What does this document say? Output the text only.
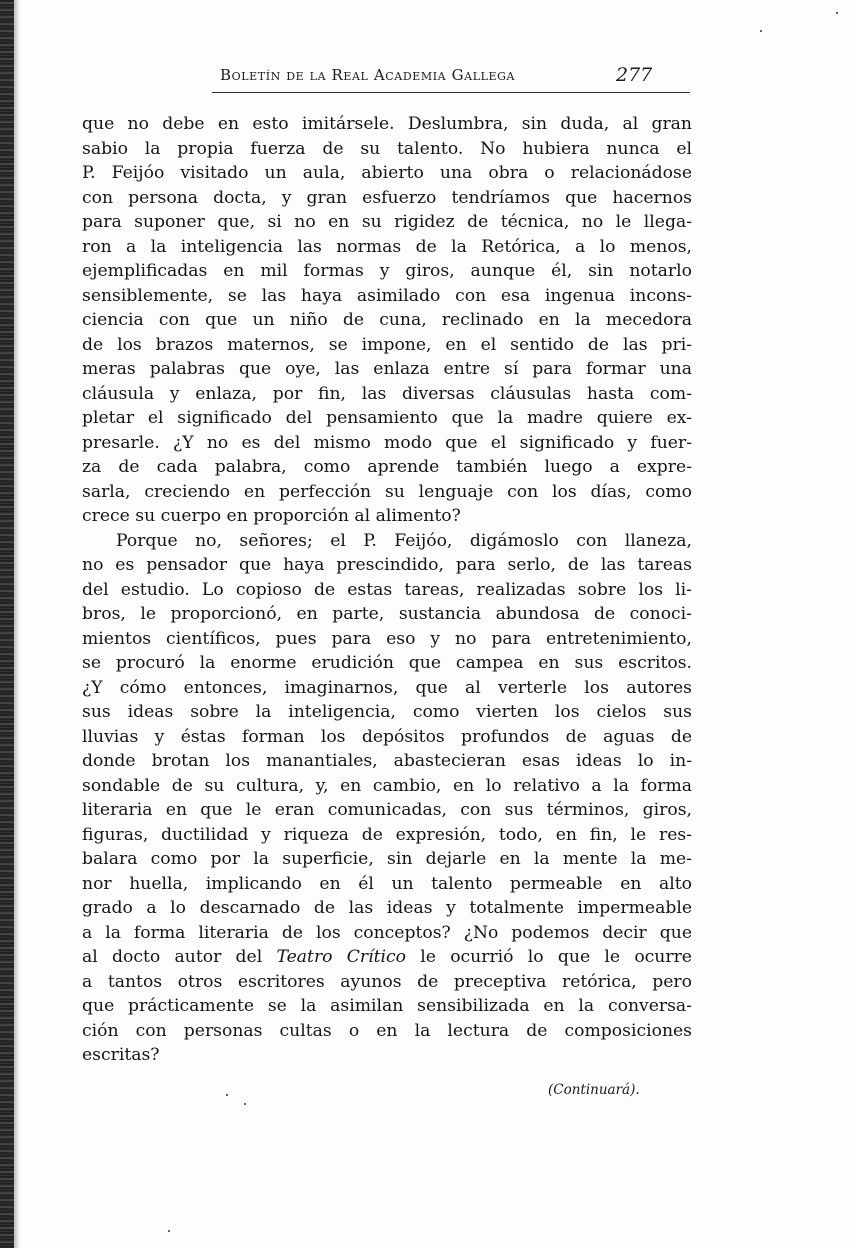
Boletín de la Real Academia Gallega	277
que no debe en esto imitársele. Deslumbra, sin duda, al gran
sabio la propia fuerza de su talento. No hubiera nunca el
P. Feijóo visitado un aula, abierto una obra o relacionádose
con persona docta, y gran esfuerzo tendríamos que hacernos
para suponer que, si no en su rigidez de técnica, no le llega-
ron a la inteligencia las normas de la Retórica, a lo menos,
ejemplificadas en mil formas y giros, aunque él, sin notarlo
sensiblemente, se las haya asimilado con esa ingenua incons-
ciencia con que un niño de cuna, reclinado en la mecedora
de los brazos maternos, se impone, en el sentido de las pri-
meras palabras que oye, las enlaza entre sí para formar una
cláusula y enlaza, por fin, las diversas cláusulas hasta com-
pletar el significado del pensamiento que la madre quiere ex-
presarle. ¿Y no es del mismo modo que el significado y fuer-
za de cada palabra, como aprende también luego a expre-
sarla, creciendo en perfección su lenguaje con los días, como
crece su cuerpo en proporción al alimento?
Porque no, señores; el P. Feijóo, digámoslo con llaneza,
no es pensador que haya prescindido, para serlo, de las tareas
del estudio. Lo copioso de estas tareas, realizadas sobre los li-
bros, le proporcionó, en parte, sustancia abundosa de conoci-
mientos científicos, pues para eso y no para entretenimiento,
se procuró la enorme erudición que campea en sus escritos.
¿Y cómo entonces, imaginarnos, que al verterle los autores
sus ideas sobre la inteligencia, como vierten los cielos sus
lluvias y éstas forman los depósitos profundos de aguas de
donde brotan los manantiales, abastecieran esas ideas lo in-
sondable de su cultura, y, en cambio, en lo relativo a la forma
literaria en que le eran comunicadas, con sus términos, giros,
figuras, ductilidad y riqueza de expresión, todo, en fin, le res-
balara como por la superficie, sin dejarle en la mente la me-
nor huella, implicando en él un talento permeable en alto
grado a lo descarnado de las ideas y totalmente impermeable
a la forma literaria de los conceptos? ¿No podemos decir que
al docto autor del Teatro Crítico le ocurrió lo que le ocurre
a tantos otros escritores ayunos de preceptiva retórica, pero
que prácticamente se la asimilan sensibilizada en la conversa-
ción con personas cultas o en la lectura de composiciones
escritas?
(Continuará).
